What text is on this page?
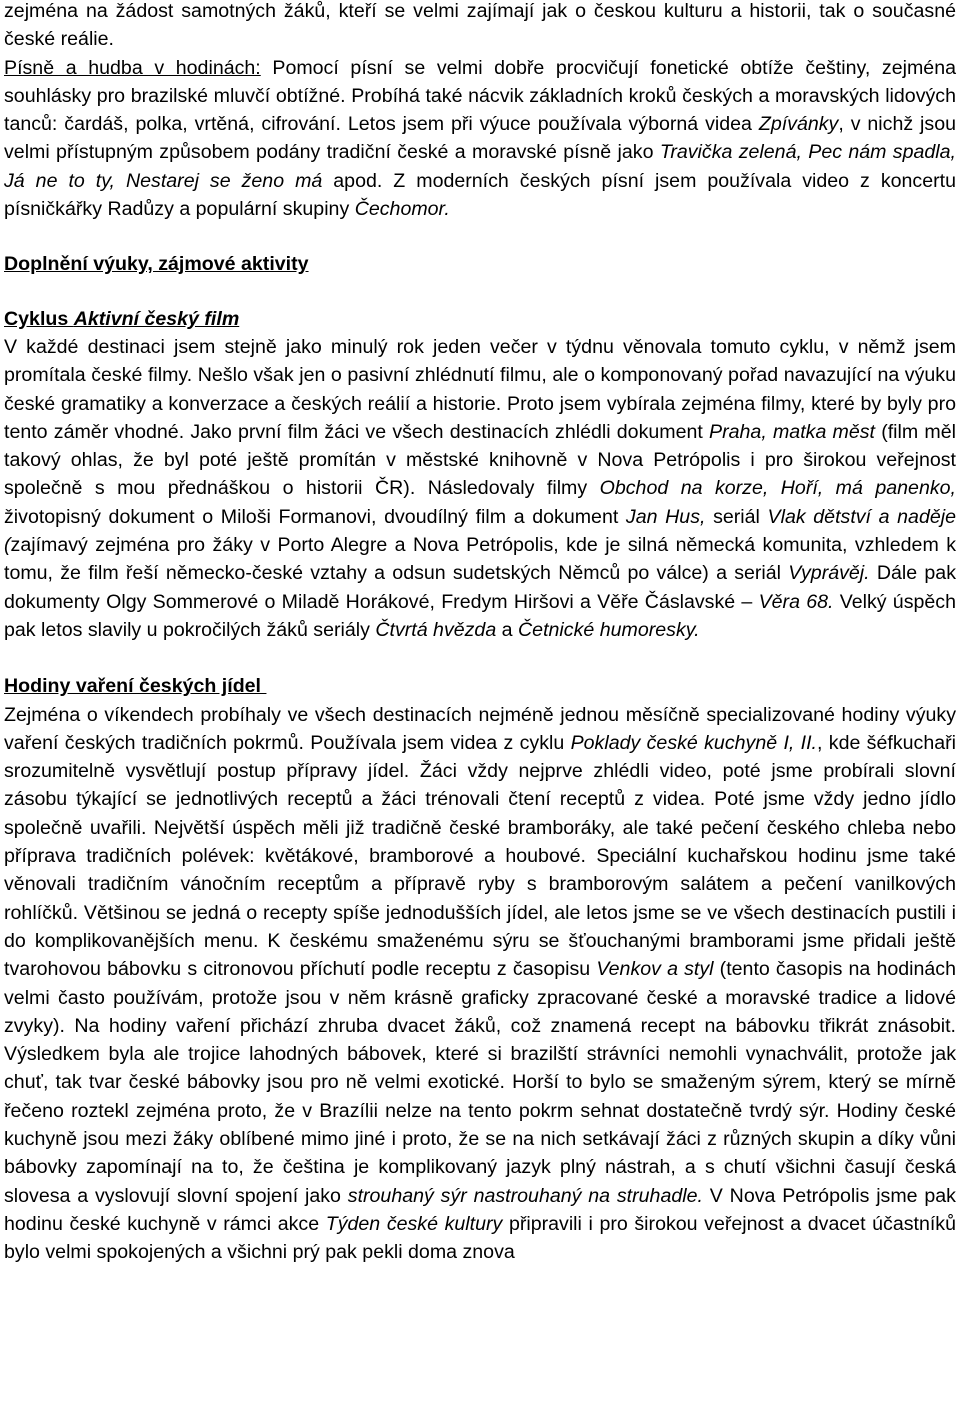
zejména na žádost samotných žáků, kteří se velmi zajímají jak o českou kulturu a historii, tak o současné české reálie.
Písně a hudba v hodinách: Pomocí písní se velmi dobře procvičují fonetické obtíže češtiny, zejména souhlásky pro brazilské mluvčí obtížné. Probíhá také nácvik základních kroků českých a moravských lidových tanců: čardáš, polka, vrtěná, cifrování. Letos jsem při výuce používala výborná videa Zpívánky, v nichž jsou velmi přístupným způsobem podány tradiční české a moravské písně jako Travička zelená, Pec nám spadla, Já ne to ty, Nestarej se ženo má apod. Z moderních českých písní jsem používala video z koncertu písničkářky Radůzy a populární skupiny Čechomor.

Doplnění výuky, zájmové aktivity
Cyklus Aktivní český film

V každé destinaci jsem stejně jako minulý rok jeden večer v týdnu věnovala tomuto cyklu, v němž jsem promítala české filmy. Nešlo však jen o pasivní zhlédnutí filmu, ale o komponovaný pořad navazující na výuku české gramatiky a konverzace a českých reálií a historie. Proto jsem vybírala zejména filmy, které by byly pro tento záměr vhodné. Jako první film žáci ve všech destinacích zhlédli dokument Praha, matka měst (film měl takový ohlas, že byl poté ještě promítán v městské knihovně v Nova Petrópolis i pro širokou veřejnost společně s mou přednáškou o historii ČR). Následovaly filmy Obchod na korze, Hoří, má panenko, životopisný dokument o Miloši Formanovi, dvoudílný film a dokument Jan Hus, seriál Vlak dětství a naděje (zajímavý zejména pro žáky v Porto Alegre a Nova Petrópolis, kde je silná německá komunita, vzhledem k tomu, že film řeší německo-české vztahy a odsun sudetských Němců po válce) a seriál Vyprávěj. Dále pak dokumenty Olgy Sommerové o Miladě Horákové, Fredym Hiršovi a Věře Čáslavské – Věra 68. Velký úspěch pak letos slavily u pokročilých žáků seriály Čtvrtá hvězda a Četnické humoresky.

Hodiny vaření českých jídel

Zejména o víkendech probíhaly ve všech destinacích nejméně jednou měsíčně specializované hodiny výuky vaření českých tradičních pokrmů. Používala jsem videa z cyklu Poklady české kuchyně I, II., kde šéfkuchaři srozumitelně vysvětlují postup přípravy jídel. Žáci vždy nejprve zhlédli video, poté jsme probírali slovní zásobu týkající se jednotlivých receptů a žáci trénovali čtení receptů z videa. Poté jsme vždy jedno jídlo společně uvařili. Největší úspěch měli již tradičně české bramboráky, ale také pečení českého chleba nebo příprava tradičních polévek: květákové, bramborové a houbové. Speciální kuchařskou hodinu jsme také věnovali tradičním vánočním receptům a přípravě ryby s bramborovým salátem a pečení vanilkových rohlíčků. Většinou se jedná o recepty spíše jednodušších jídel, ale letos jsme se ve všech destinacích pustili i do komplikovanějších menu. K českému smaženému sýru se šťouchanými bramborami jsme přidali ještě tvarohovou bábovku s citronovou příchutí podle receptu z časopisu Venkov a styl (tento časopis na hodinách velmi často používám, protože jsou v něm krásně graficky zpracované české a moravské tradice a lidové zvyky). Na hodiny vaření přichází zhruba dvacet žáků, což znamená recept na bábovku třikrát znásobit. Výsledkem byla ale trojice lahodných bábovek, které si brazilští strávníci nemohli vynachválit, protože jak chuť, tak tvar české bábovky jsou pro ně velmi exotické. Horší to bylo se smaženým sýrem, který se mírně řečeno roztekl zejména proto, že v Brazílii nelze na tento pokrm sehnat dostatečně tvrdý sýr. Hodiny české kuchyně jsou mezi žáky oblíbené mimo jiné i proto, že se na nich setkávají žáci z různých skupin a díky vůni bábovky zapomínají na to, že čeština je komplikovaný jazyk plný nástrah, a s chutí všichni časují česká slovesa a vyslovují slovní spojení jako strouhaný sýr nastrouhaný na struhadle. V Nova Petrópolis jsme pak hodinu české kuchyně v rámci akce Týden české kultury připravili i pro širokou veřejnost a dvacet účastníků bylo velmi spokojených a všichni prý pak pekli doma znova
